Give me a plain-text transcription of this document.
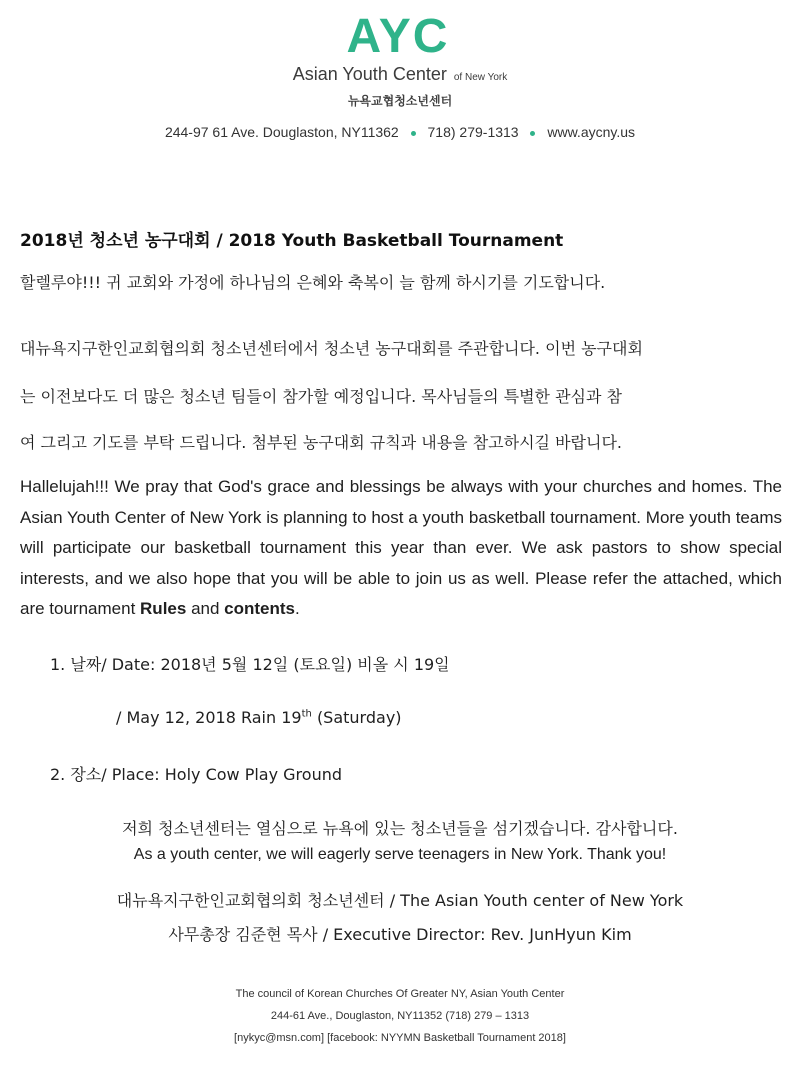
AYC
Asian Youth Center of New York
뉴욕교협청소년센터
244-97 61 Ave. Douglaston, NY11362 718) 279-1313 www.aycny.us
2018년 청소년 농구대회 / 2018 Youth Basketball Tournament
할렐루야!!! 귀 교회와 가정에 하나님의 은혜와 축복이 늘 함께 하시기를 기도합니다.
대뉴욕지구한인교회협의회 청소년센터에서 청소년 농구대회를 주관합니다. 이번 농구대회
는 이전보다도 더 많은 청소년 팀들이 참가할 예정입니다. 목사님들의 특별한 관심과 참
여 그리고 기도를 부탁 드립니다. 첨부된 농구대회 규칙과 내용을 참고하시길 바랍니다.
Hallelujah!!! We pray that God's grace and blessings be always with your churches and homes. The Asian Youth Center of New York is planning to host a youth basketball tournament. More youth teams will participate our basketball tournament this year than ever. We ask pastors to show special interests, and we also hope that you will be able to join us as well. Please refer the attached, which are tournament Rules and contents.
1. 날짜/ Date: 2018년 5월 12일 (토요일) 비올 시 19일
/ May 12, 2018 Rain 19th (Saturday)
2. 장소/ Place: Holy Cow Play Ground
저희 청소년센터는 열심으로 뉴욕에 있는 청소년들을 섬기겠습니다. 감사합니다.
As a youth center, we will eagerly serve teenagers in New York. Thank you!
대뉴욕지구한인교회협의회 청소년센터 / The Asian Youth center of New York
사무총장 김준현 목사 / Executive Director: Rev. JunHyun Kim
The council of Korean Churches Of Greater NY, Asian Youth Center
244-61 Ave., Douglaston, NY11352 (718) 279 – 1313
[nykyc@msn.com] [facebook: NYYMN Basketball Tournament 2018]
